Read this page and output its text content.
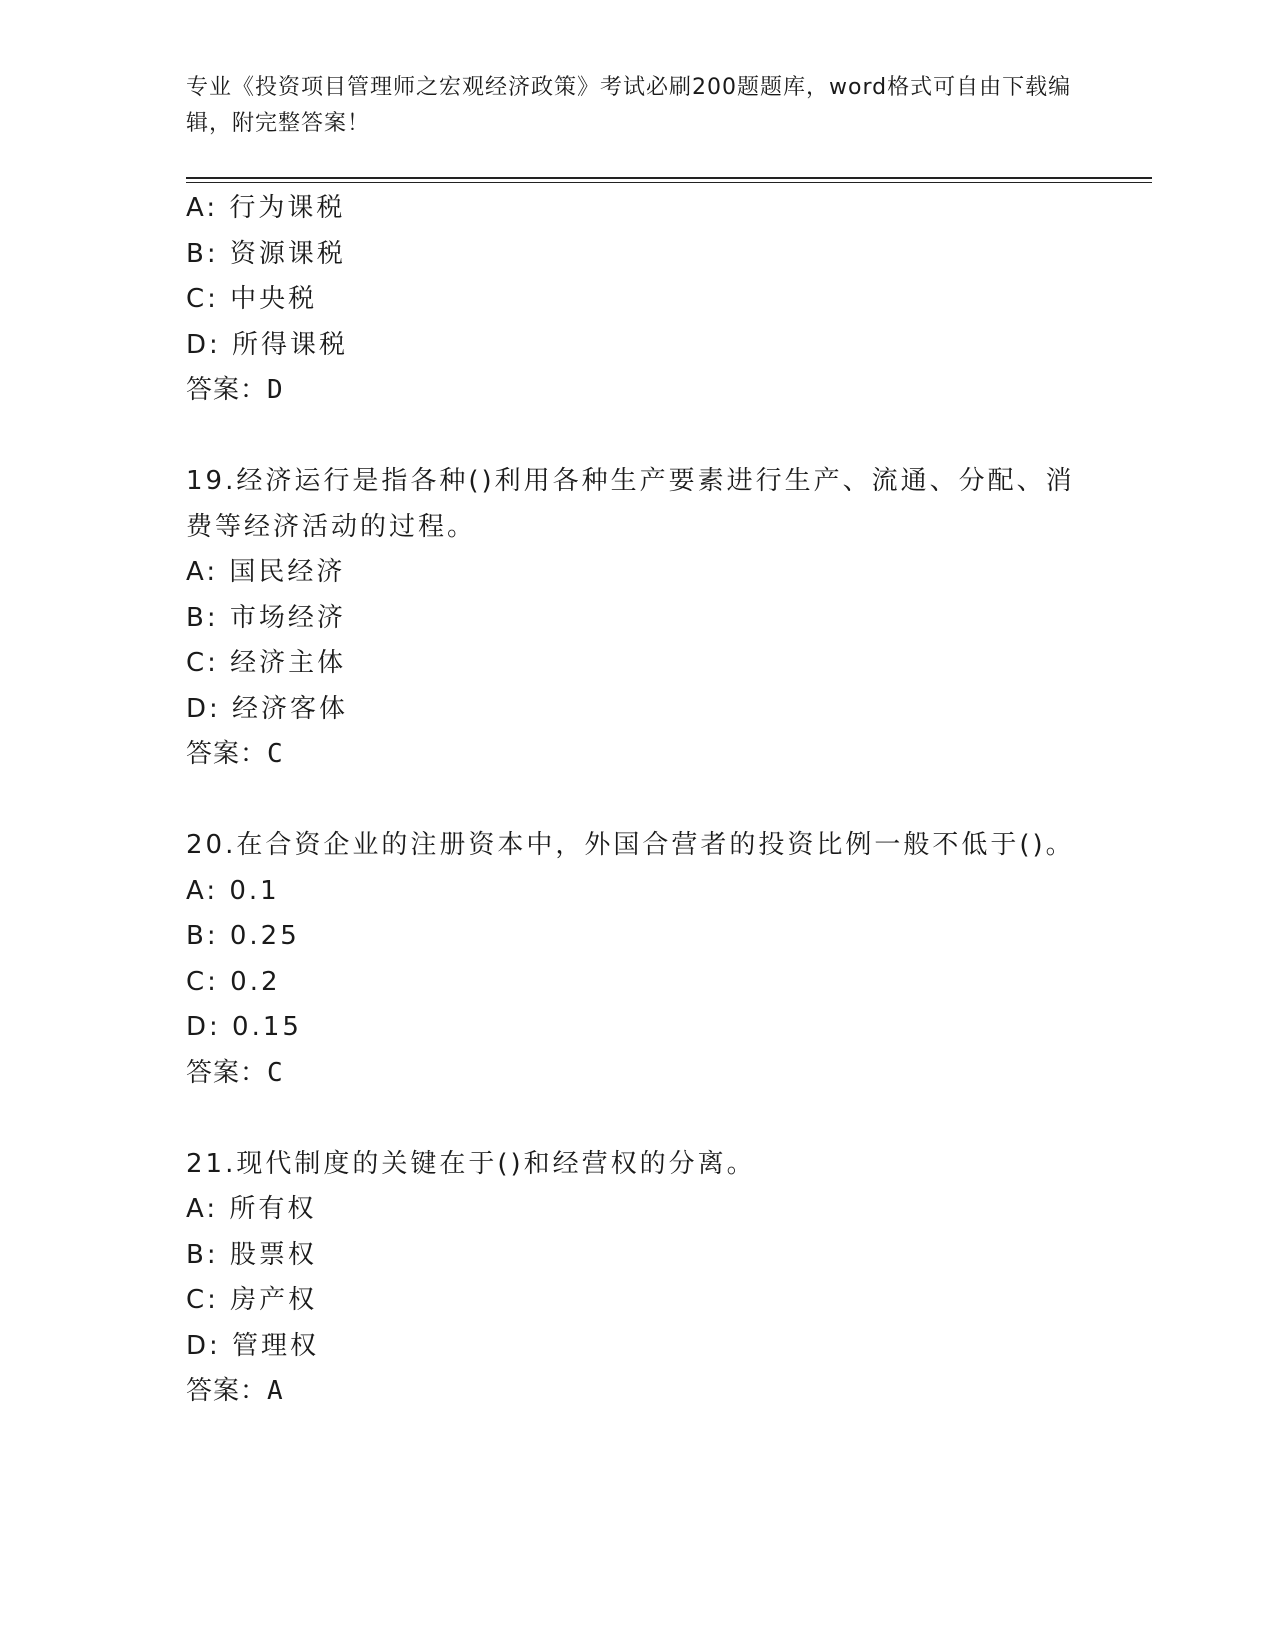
专业《投资项目管理师之宏观经济政策》考试必刷200题题库，word格式可自由下载编辑，附完整答案！
A: 行为课税
B: 资源课税
C: 中央税
D: 所得课税
答案：D
19.经济运行是指各种()利用各种生产要素进行生产、流通、分配、消
费等经济活动的过程。
A: 国民经济
B: 市场经济
C: 经济主体
D: 经济客体
答案：C
20.在合资企业的注册资本中，外国合营者的投资比例一般不低于()。
A: 0.1
B: 0.25
C: 0.2
D: 0.15
答案：C
21.现代制度的关键在于()和经营权的分离。
A: 所有权
B: 股票权
C: 房产权
D: 管理权
答案：A
